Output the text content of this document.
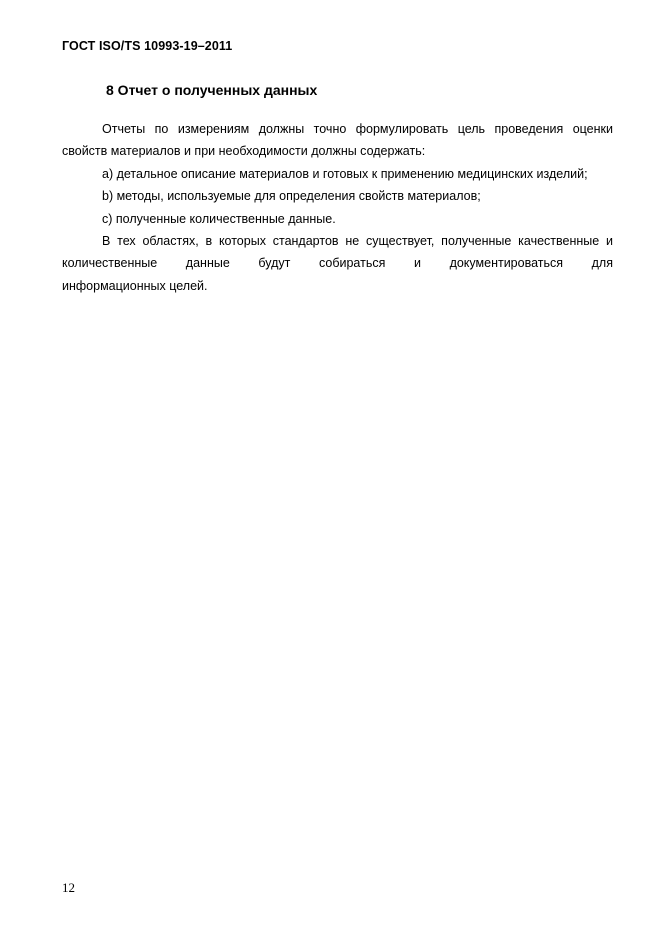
ГОСТ ISO/TS 10993-19–2011
8 Отчет о полученных данных

Отчеты по измерениям должны точно формулировать цель проведения оценки свойств материалов и при необходимости должны содержать:

a) детальное описание материалов и готовых к применению медицинских изделий;

b) методы, используемые для определения свойств материалов;

c) полученные количественные данные.

В тех областях, в которых стандартов не существует, полученные качественные и количественные данные будут собираться и документироваться для

информационных целей.

12
